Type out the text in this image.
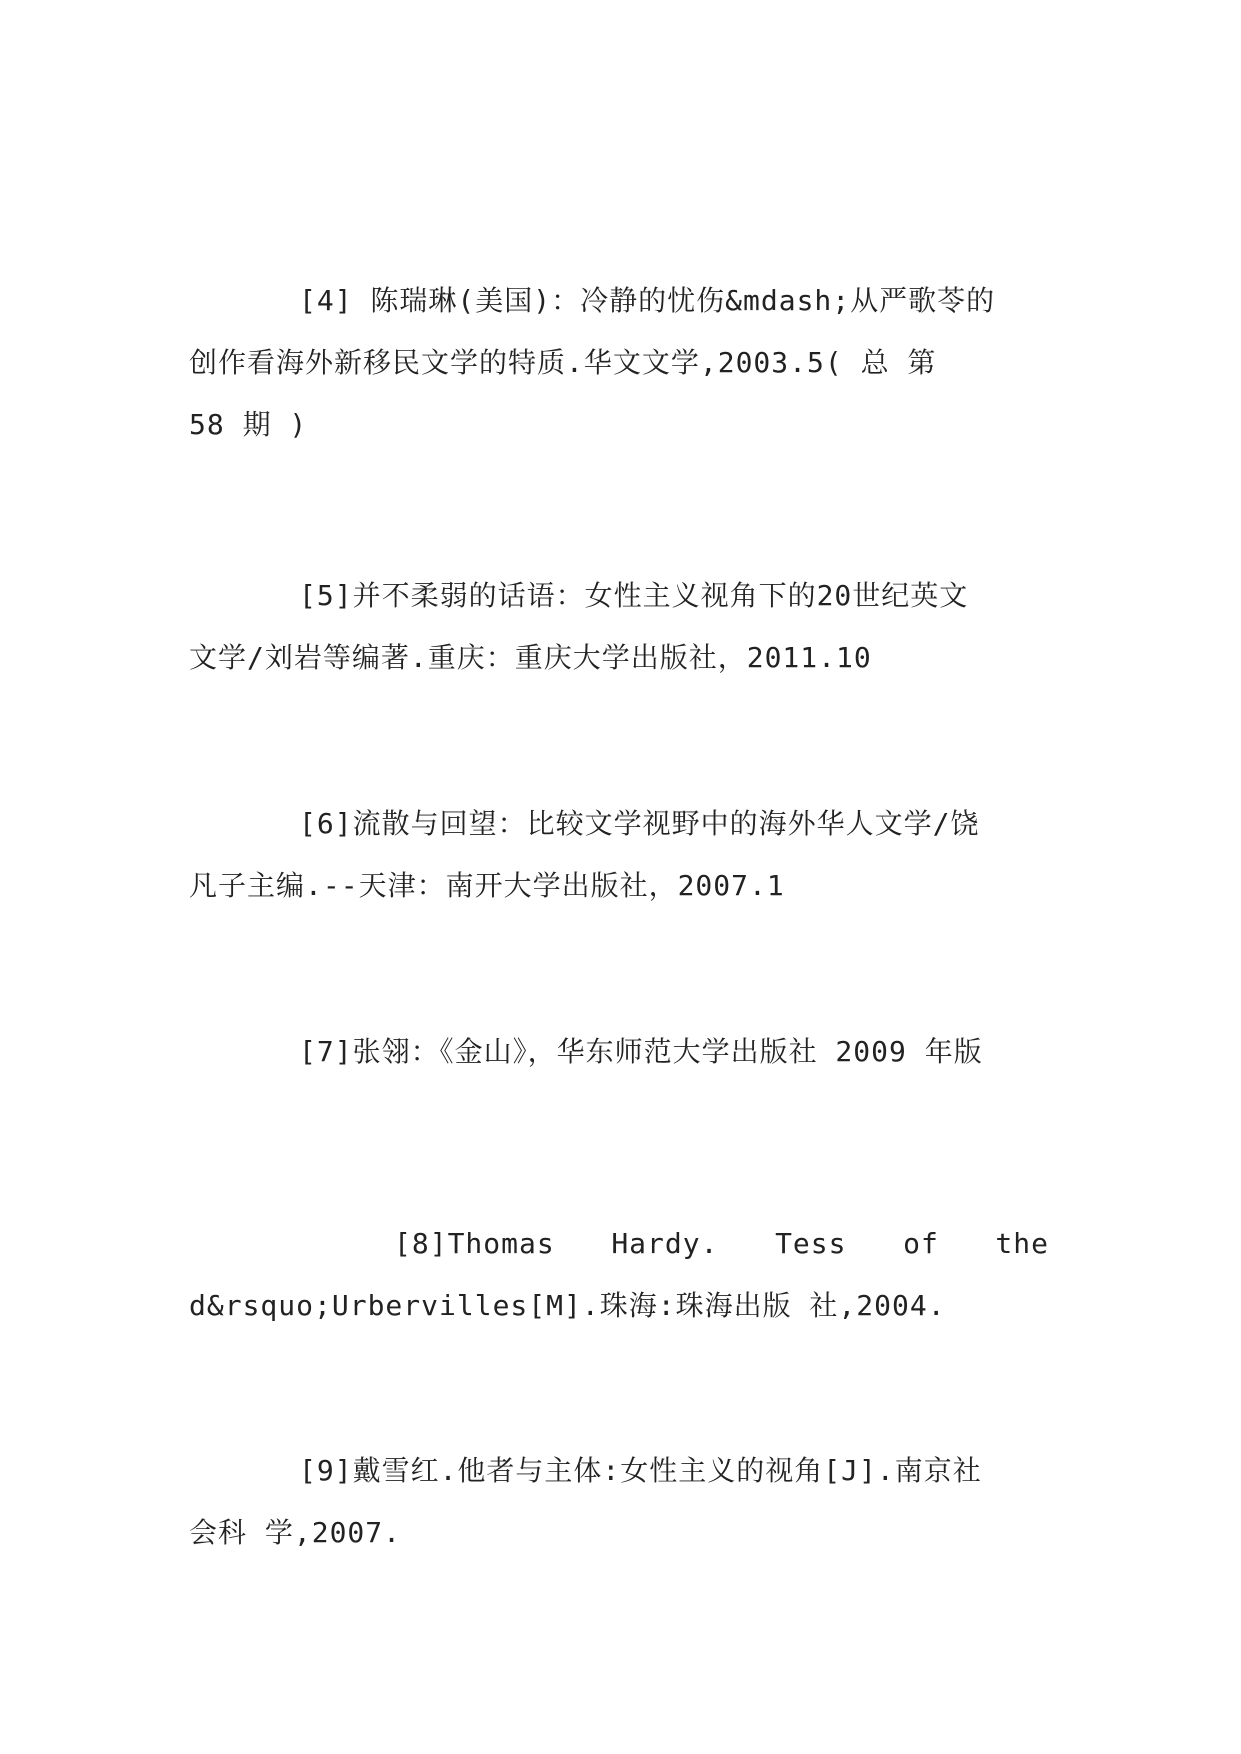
[4] 陈瑞琳(美国)：冷静的忧伤&mdash;从严歌苓的
创作看海外新移民文学的特质.华文文学,2003.5( 总 第
58 期 )
[5]并不柔弱的话语：女性主义视角下的20世纪英文
文学/刘岩等编著.重庆：重庆大学出版社，2011.10
[6]流散与回望：比较文学视野中的海外华人文学/饶
凡子主编.--天津：南开大学出版社，2007.1
[7]张翎：《金山》，华东师范大学出版社 2009 年版
[8]Thomas Hardy. Tess of the
d&rsquo;Urbervilles[M].珠海:珠海出版 社,2004.
[9]戴雪红.他者与主体:女性主义的视角[J].南京社
会科 学,2007.
